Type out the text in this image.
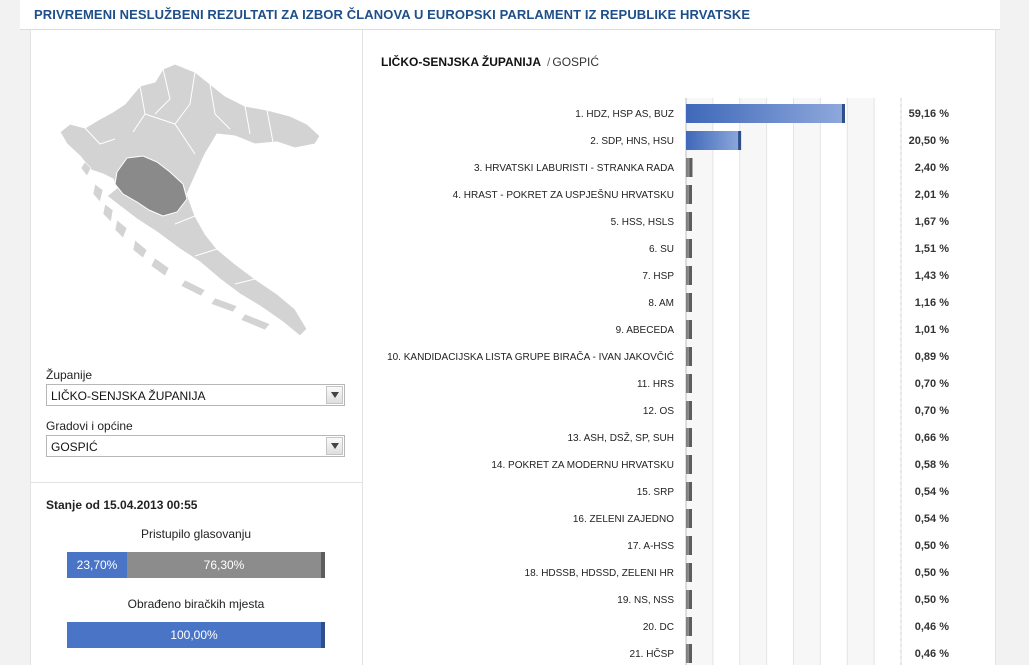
PRIVREMENI NESLUŽBENI REZULTATI ZA IZBOR ČLANOVA U EUROPSKI PARLAMENT IZ REPUBLIKE HRVATSKE
Županije
LIČKO-SENJSKA ŽUPANIJA
Gradovi i općine
GOSPIĆ
Stanje od 15.04.2013 00:55
Pristupilo glasovanju
23,70%	76,30%
Obrađeno biračkih mjesta
100,00%
LIČKO-SENJSKA ŽUPANIJA / GOSPIĆ
1. HDZ, HSP AS, BUZ	59,16 %
2. SDP, HNS, HSU	20,50 %
3. HRVATSKI LABURISTI - STRANKA RADA	2,40 %
4. HRAST - POKRET ZA USPJEŠNU HRVATSKU	2,01 %
5. HSS, HSLS	1,67 %
6. SU	1,51 %
7. HSP	1,43 %
8. AM	1,16 %
9. ABECEDA	1,01 %
10. KANDIDACIJSKA LISTA GRUPE BIRAČA - IVAN JAKOVČIĆ	0,89 %
11. HRS	0,70 %
12. OS	0,70 %
13. ASH, DSŽ, SP, SUH	0,66 %
14. POKRET ZA MODERNU HRVATSKU	0,58 %
15. SRP	0,54 %
16. ZELENI ZAJEDNO	0,54 %
17. A-HSS	0,50 %
18. HDSSB, HDSSD, ZELENI HR	0,50 %
19. NS, NSS	0,50 %
20. DC	0,46 %
21. HČSP	0,46 %
